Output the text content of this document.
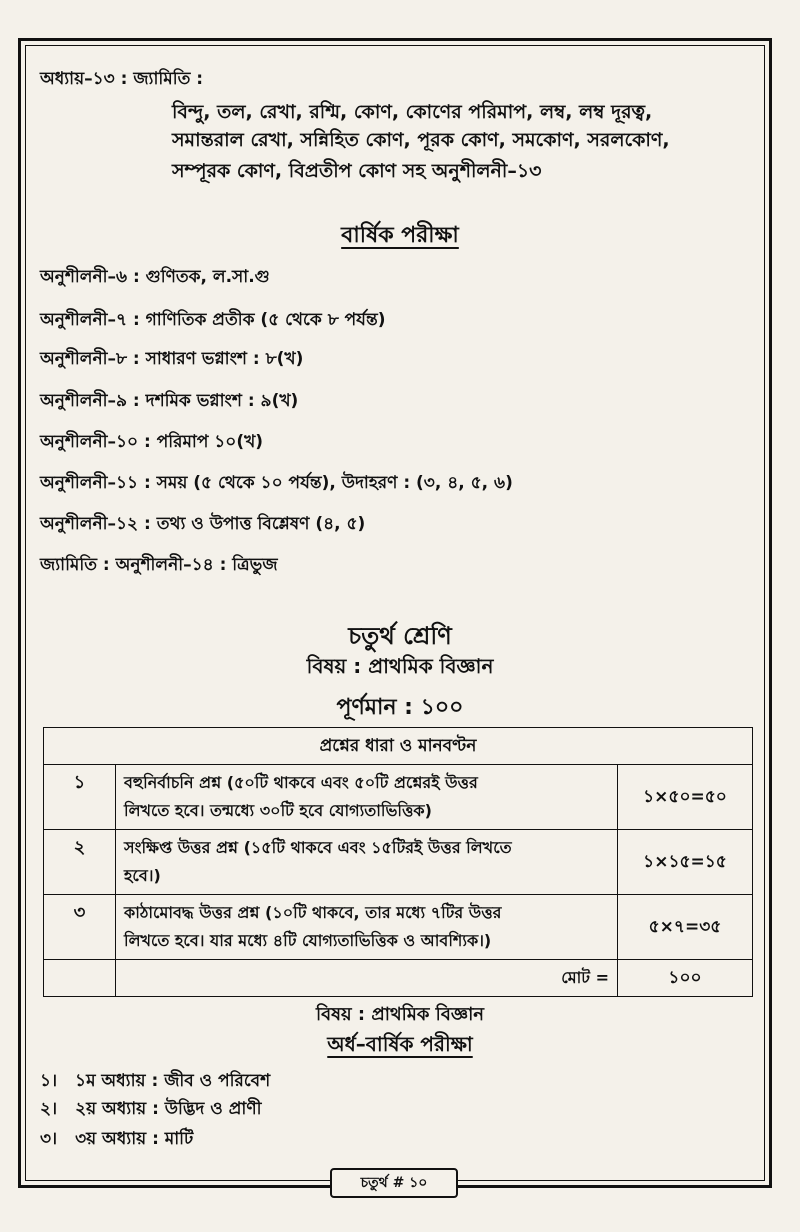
অধ্যায়–১৩ : জ্যামিতি :
বিন্দু, তল, রেখা, রশ্মি, কোণ, কোণের পরিমাপ, লম্ব, লম্ব দূরত্ব,
সমান্তরাল রেখা, সন্নিহিত কোণ, পূরক কোণ, সমকোণ, সরলকোণ,
সম্পূরক কোণ, বিপ্রতীপ কোণ সহ অনুশীলনী–১৩
বার্ষিক পরীক্ষা
অনুশীলনী–৬ : গুণিতক, ল.সা.গু
অনুশীলনী–৭ : গাণিতিক প্রতীক (৫ থেকে ৮ পর্যন্ত)
অনুশীলনী–৮ : সাধারণ ভগ্নাংশ : ৮(খ)
অনুশীলনী–৯ : দশমিক ভগ্নাংশ : ৯(খ)
অনুশীলনী–১০ : পরিমাপ ১০(খ)
অনুশীলনী–১১ : সময় (৫ থেকে ১০ পর্যন্ত), উদাহরণ : (৩, ৪, ৫, ৬)
অনুশীলনী–১২ : তথ্য ও উপাত্ত বিশ্লেষণ (৪, ৫)
জ্যামিতি : অনুশীলনী–১৪ : ত্রিভুজ
চতুর্থ শ্রেণি
বিষয় : প্রাথমিক বিজ্ঞান
পূর্ণমান : ১০০
প্রশ্নের ধারা ও মানবণ্টন		
১	বহুনির্বাচনি প্রশ্ন (৫০টি থাকবে এবং ৫০টি প্রশ্নেরই উত্তর
লিখতে হবে। তন্মধ্যে ৩০টি হবে যোগ্যতাভিত্তিক)	১×৫০=৫০
২	সংক্ষিপ্ত উত্তর প্রশ্ন (১৫টি থাকবে এবং ১৫টিরই উত্তর লিখতে
হবে।)	১×১৫=১৫
৩	কাঠামোবদ্ধ উত্তর প্রশ্ন (১০টি থাকবে, তার মধ্যে ৭টির উত্তর
লিখতে হবে। যার মধ্যে ৪টি যোগ্যতাভিত্তিক ও আবশ্যিক।)	৫×৭=৩৫
	মোট =	১০০
বিষয় : প্রাথমিক বিজ্ঞান
অর্ধ–বার্ষিক পরীক্ষা
১। ১ম অধ্যায় : জীব ও পরিবেশ
২। ২য় অধ্যায় : উদ্ভিদ ও প্রাণী
৩। ৩য় অধ্যায় : মাটি
চতুর্থ # ১০
